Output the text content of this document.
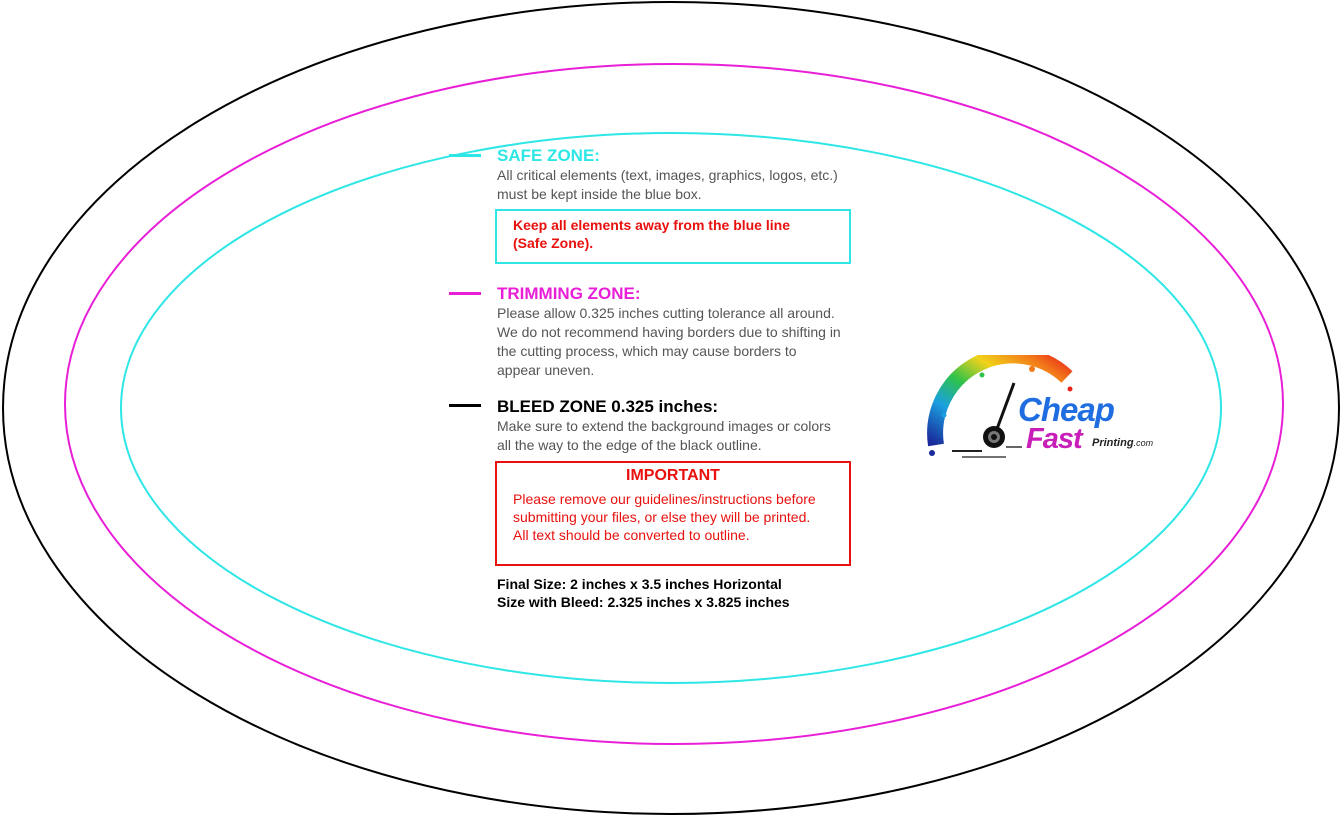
SAFE ZONE:
All critical elements (text, images, graphics, logos, etc.)
must be kept inside the blue box.
Keep all elements away from the blue line
(Safe Zone).
TRIMMING ZONE:
Please allow 0.325 inches cutting tolerance all around.
We do not recommend having borders due to shifting in
the cutting process, which may cause borders to
appear uneven.
BLEED ZONE 0.325 inches:
Make sure to extend the background images or colors
all the way to the edge of the black outline.
IMPORTANT
Please remove our guidelines/instructions before
submitting your files, or else they will be printed.
All text should be converted to outline.
Final Size: 2 inches x 3.5 inches Horizontal
Size with Bleed: 2.325 inches x 3.825 inches
Cheap
Fast Printing.com
